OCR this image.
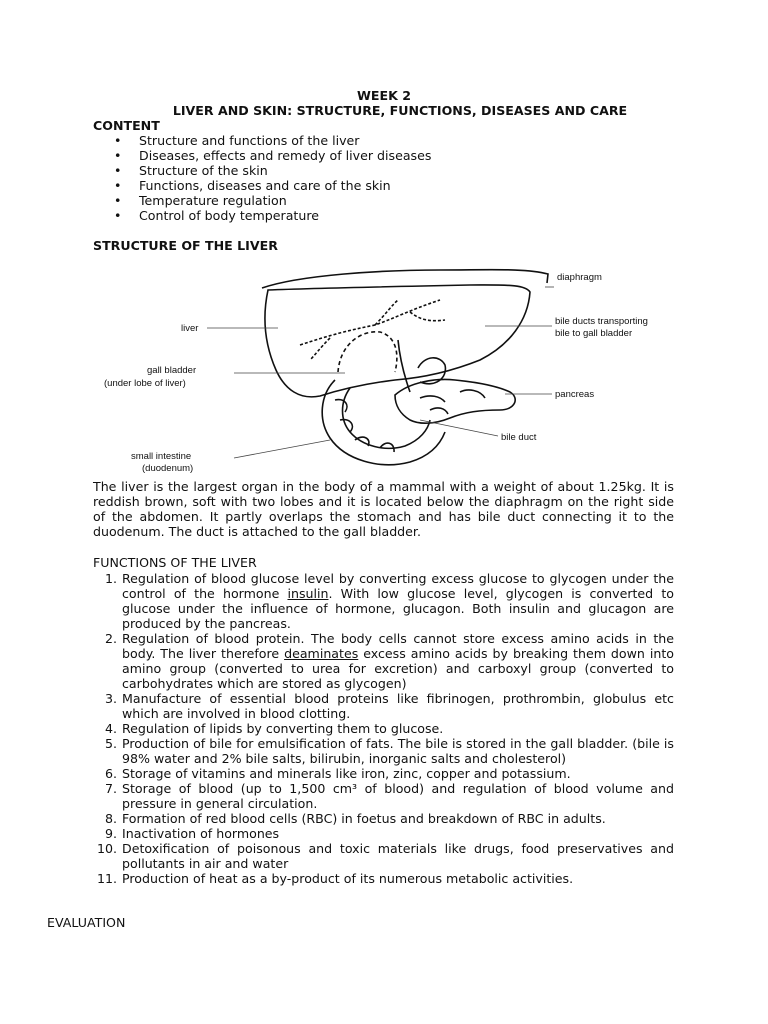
WEEK 2
LIVER AND SKIN: STRUCTURE, FUNCTIONS, DISEASES AND CARE
CONTENT
• Structure and functions of the liver
• Diseases, effects and remedy of liver diseases
• Structure of the skin
• Functions, diseases and care of the skin
• Temperature regulation
• Control of body temperature
STRUCTURE OF THE LIVER
diaphragm
bile ducts transporting
bile to gall bladder
liver
gall bladder
(under lobe of liver)
pancreas
bile duct
small intestine
(duodenum)
The liver is the largest organ in the body of a mammal with a weight of about 1.25kg. It is reddish brown, soft with two lobes and it is located below the diaphragm on the right side of the abdomen. It partly overlaps the stomach and has bile duct connecting it to the duodenum. The duct is attached to the gall bladder.
FUNCTIONS OF THE LIVER
1. Regulation of blood glucose level by converting excess glucose to glycogen under the control of the hormone insulin. With low glucose level, glycogen is converted to glucose under the influence of hormone, glucagon. Both insulin and glucagon are produced by the pancreas.
2. Regulation of blood protein. The body cells cannot store excess amino acids in the body. The liver therefore deaminates excess amino acids by breaking them down into amino group (converted to urea for excretion) and carboxyl group (converted to carbohydrates which are stored as glycogen)
3. Manufacture of essential blood proteins like fibrinogen, prothrombin, globulus etc which are involved in blood clotting.
4. Regulation of lipids by converting them to glucose.
5. Production of bile for emulsification of fats. The bile is stored in the gall bladder. (bile is 98% water and 2% bile salts, bilirubin, inorganic salts and cholesterol)
6. Storage of vitamins and minerals like iron, zinc, copper and potassium.
7. Storage of blood (up to 1,500 cm³ of blood) and regulation of blood volume and pressure in general circulation.
8. Formation of red blood cells (RBC) in foetus and breakdown of RBC in adults.
9. Inactivation of hormones
10. Detoxification of poisonous and toxic materials like drugs, food preservatives and pollutants in air and water
11. Production of heat as a by-product of its numerous metabolic activities.
EVALUATION
